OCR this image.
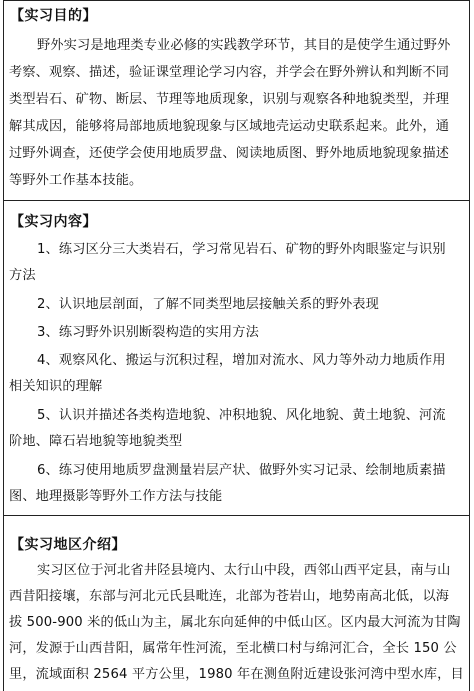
【实习目的】
野外实习是地理类专业必修的实践教学环节，其目的是使学生通过野外
考察、观察、描述，验证课堂理论学习内容，并学会在野外辨认和判断不同
类型岩石、矿物、断层、节理等地质现象，识别与观察各种地貌类型，并理
解其成因，能够将局部地质地貌现象与区域地壳运动史联系起来。此外，通
过野外调查，还使学会使用地质罗盘、阅读地质图、野外地质地貌现象描述
等野外工作基本技能。
【实习内容】
1、练习区分三大类岩石，学习常见岩石、矿物的野外肉眼鉴定与识别
方法
2、认识地层剖面，了解不同类型地层接触关系的野外表现
3、练习野外识别断裂构造的实用方法
4、观察风化、搬运与沉积过程，增加对流水、风力等外动力地质作用
相关知识的理解
5、认识并描述各类构造地貌、冲积地貌、风化地貌、黄土地貌、河流
阶地、障石岩地貌等地貌类型
6、练习使用地质罗盘测量岩层产状、做野外实习记录、绘制地质素描
图、地理摄影等野外工作方法与技能
【实习地区介绍】
实习区位于河北省井陉县境内、太行山中段，西邻山西平定县，南与山
西昔阳接壤，东部与河北元氏县毗连，北部为苍岩山，地势南高北低，以海
拔 500-900 米的低山为主，属北东向延伸的中低山区。区内最大河流为甘陶
河，发源于山西昔阳，属常年性河流，至北横口村与绵河汇合，全长 150 公
里，流域面积 2564 平方公里，1980 年在测鱼附近建设张河湾中型水库，目
